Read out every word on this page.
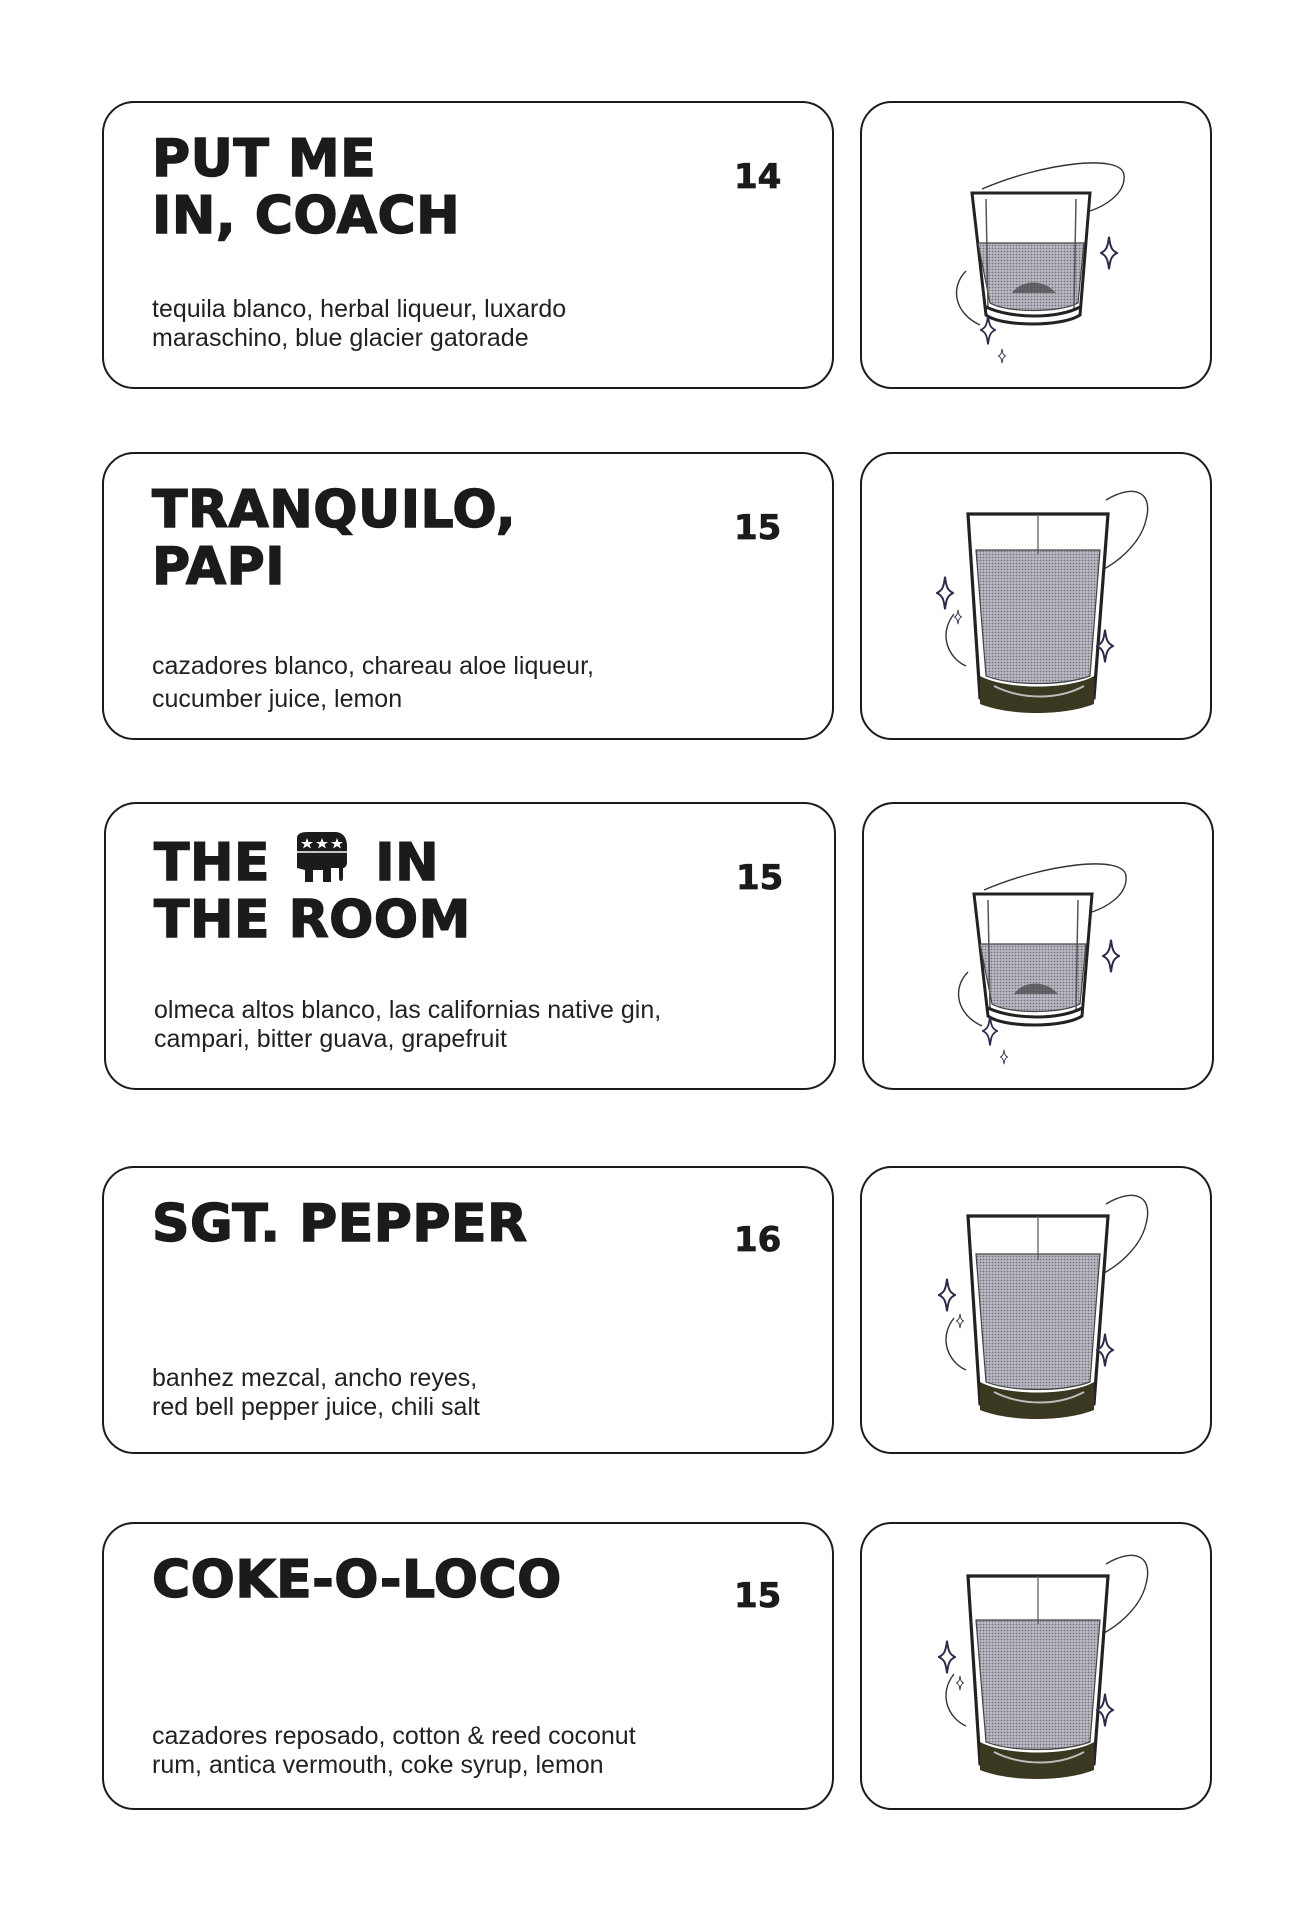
PUT ME
IN, COACH
14
tequila blanco, herbal liqueur, luxardo
maraschino, blue glacier gatorade
TRANQUILO,
PAPI
15
cazadores blanco, chareau aloe liqueur,
cucumber juice, lemon
THE IN
THE ROOM
15
olmeca altos blanco, las californias native gin,
campari, bitter guava, grapefruit
SGT. PEPPER	16
banhez mezcal, ancho reyes,
red bell pepper juice, chili salt
COKE-O-LOCO	15
cazadores reposado, cotton & reed coconut
rum, antica vermouth, coke syrup, lemon
